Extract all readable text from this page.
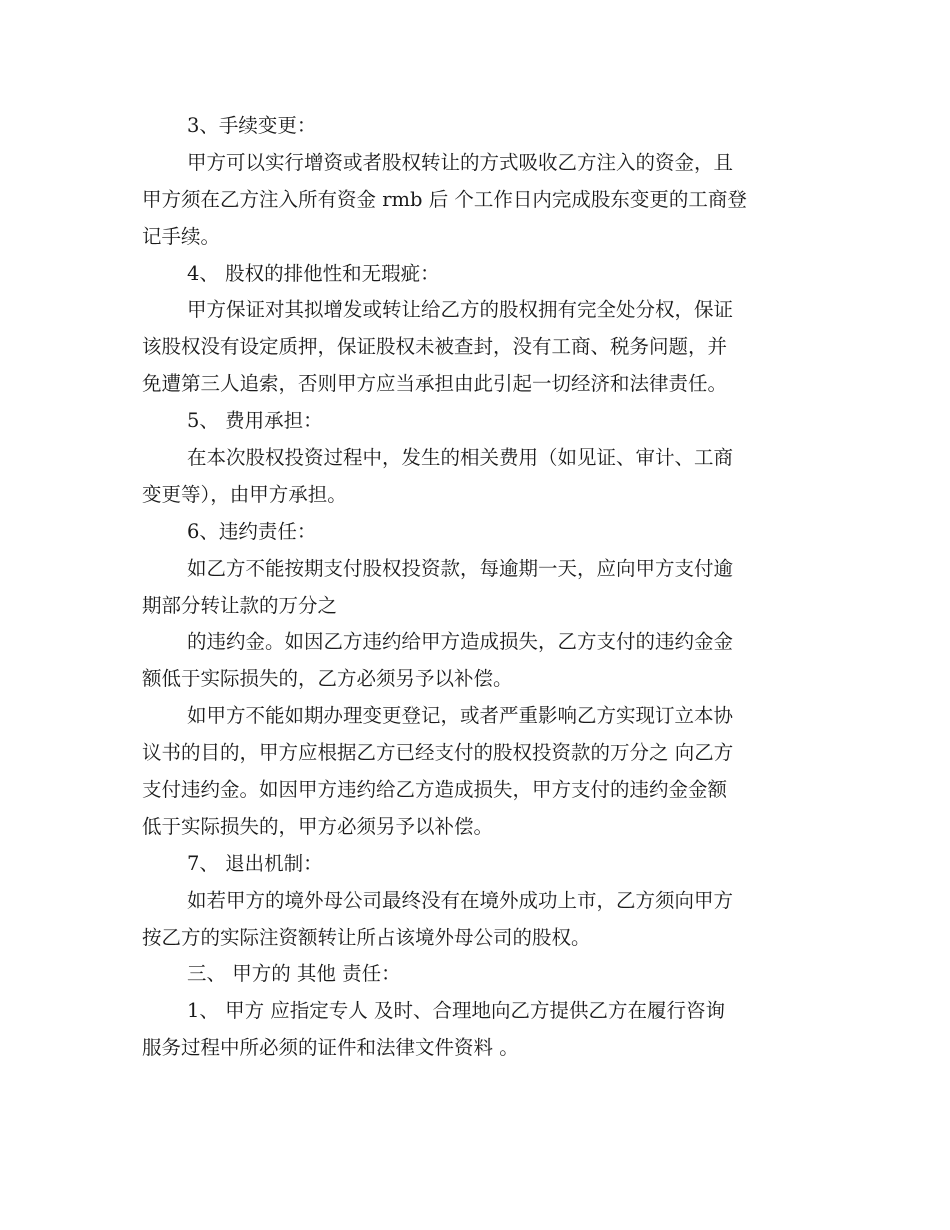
3、手续变更：
甲方可以实行增资或者股权转让的方式吸收乙方注入的资金，且
甲方须在乙方注入所有资金 rmb 后 个工作日内完成股东变更的工商登
记手续。
4、 股权的排他性和无瑕疵：
甲方保证对其拟增发或转让给乙方的股权拥有完全处分权，保证
该股权没有设定质押，保证股权未被查封，没有工商、税务问题，并
免遭第三人追索，否则甲方应当承担由此引起一切经济和法律责任。
5、 费用承担：
在本次股权投资过程中，发生的相关费用（如见证、审计、工商
变更等），由甲方承担。
6、违约责任：
如乙方不能按期支付股权投资款，每逾期一天，应向甲方支付逾
期部分转让款的万分之
的违约金。如因乙方违约给甲方造成损失，乙方支付的违约金金
额低于实际损失的，乙方必须另予以补偿。
如甲方不能如期办理变更登记，或者严重影响乙方实现订立本协
议书的目的，甲方应根据乙方已经支付的股权投资款的万分之 向乙方
支付违约金。如因甲方违约给乙方造成损失，甲方支付的违约金金额
低于实际损失的，甲方必须另予以补偿。
7、 退出机制：
如若甲方的境外母公司最终没有在境外成功上市，乙方须向甲方
按乙方的实际注资额转让所占该境外母公司的股权。
三、 甲方的 其他 责任：
1、 甲方 应指定专人 及时、合理地向乙方提供乙方在履行咨询
服务过程中所必须的证件和法律文件资料 。
